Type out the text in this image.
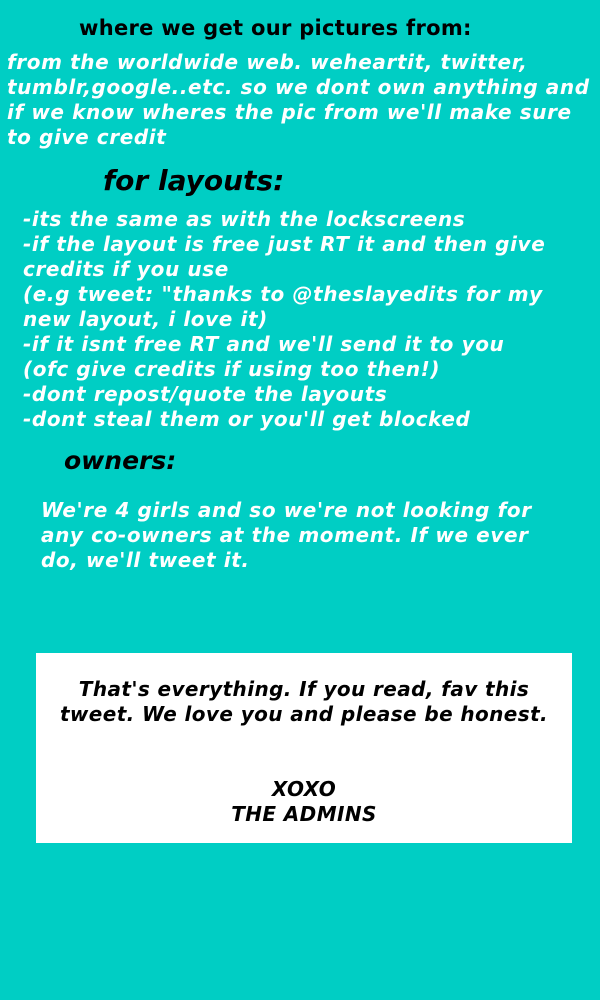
where we get our pictures from:
from the worldwide web. weheartit, twitter, tumblr,google..etc. so we dont own anything and if we know wheres the pic from we'll make sure to give credit
for layouts:
-its the same as with the lockscreens
-if the layout is free just RT it and then give credits if you use
(e.g tweet: "thanks to @theslayedits for my new layout, i love it)
-if it isnt free RT and we'll send it to you
(ofc give credits if using too then!)
-dont repost/quote the layouts
-dont steal them or you'll get blocked
owners:
We're 4 girls and so we're not looking for any co-owners at the moment. If we ever do, we'll tweet it.
That's everything. If you read, fav this tweet. We love you and please be honest.
XOXO
THE ADMINS
